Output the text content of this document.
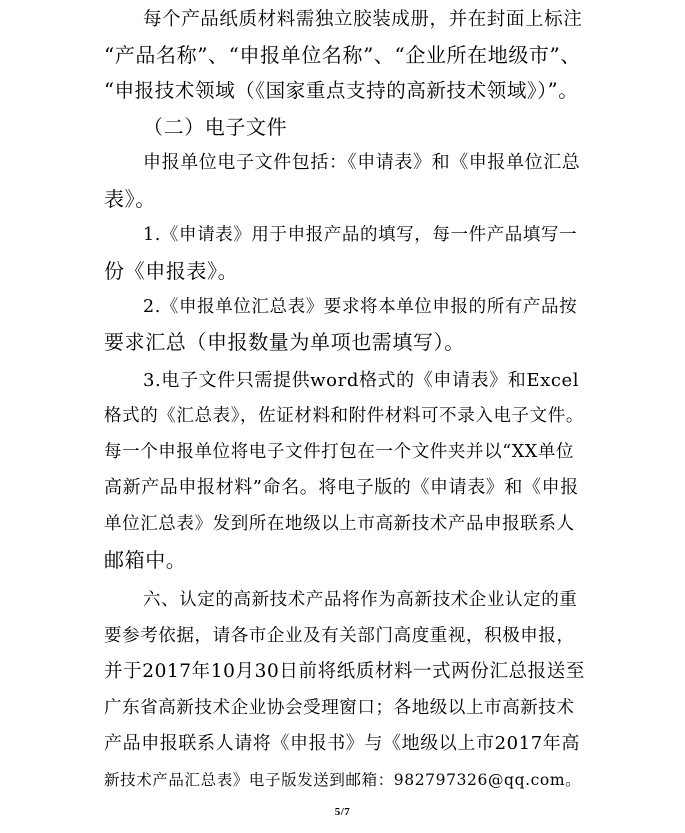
每个产品纸质材料需独立胶装成册，并在封面上标注
“产品名称”、“申报单位名称”、“企业所在地级市”、
“申报技术领域（《国家重点支持的高新技术领域》）”。
（二）电子文件
申报单位电子文件包括：《申请表》和《申报单位汇总
表》。
1.《申请表》用于申报产品的填写，每一件产品填写一
份《申报表》。
2.《申报单位汇总表》要求将本单位申报的所有产品按
要求汇总（申报数量为单项也需填写）。
3.电子文件只需提供word格式的《申请表》和Excel
格式的《汇总表》，佐证材料和附件材料可不录入电子文件。
每一个申报单位将电子文件打包在一个文件夹并以“XX单位
高新产品申报材料”命名。将电子版的《申请表》和《申报
单位汇总表》发到所在地级以上市高新技术产品申报联系人
邮箱中。
六、认定的高新技术产品将作为高新技术企业认定的重
要参考依据，请各市企业及有关部门高度重视，积极申报，
并于2017年10月30日前将纸质材料一式两份汇总报送至
广东省高新技术企业协会受理窗口；各地级以上市高新技术
产品申报联系人请将《申报书》与《地级以上市2017年高
新技术产品汇总表》电子版发送到邮箱：982797326@qq.com。
5/7
